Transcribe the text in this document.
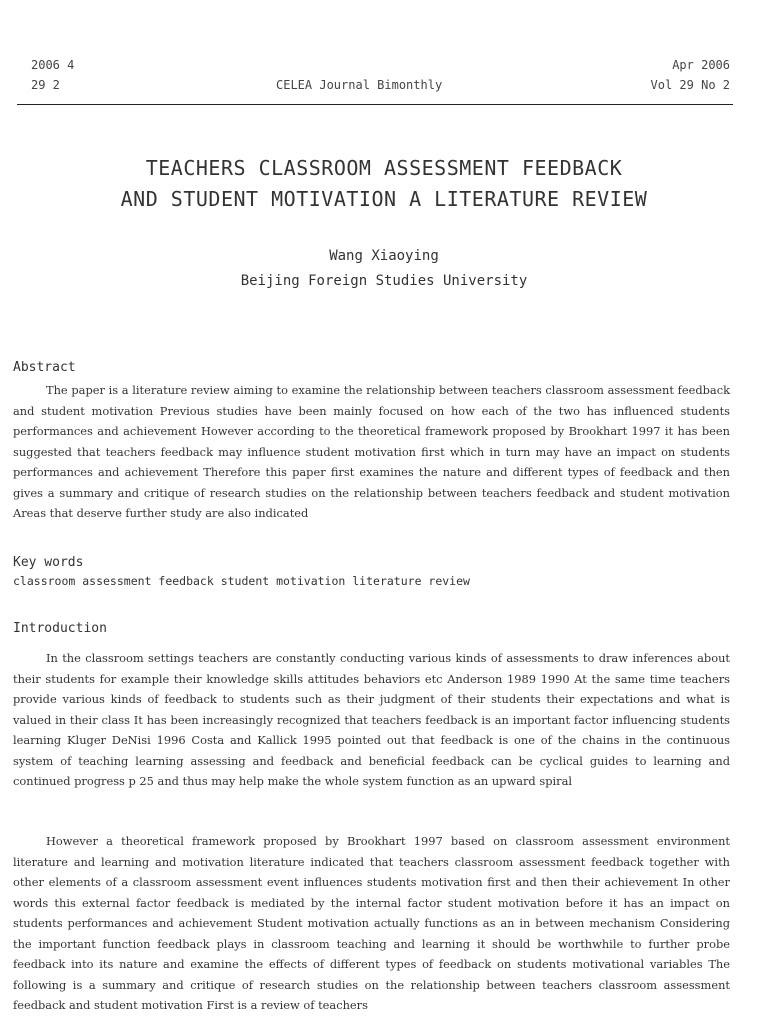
2006 4	Apr 2006
29 2	CELEA Journal Bimonthly	Vol 29 No 2
TEACHERS CLASSROOM ASSESSMENT FEEDBACK
AND STUDENT MOTIVATION A LITERATURE REVIEW
Wang Xiaoying
Beijing Foreign Studies University
Abstract

The paper is a literature review aiming to examine the relationship between teachers classroom assessment feedback and student motivation Previous studies have been mainly focused on how each of the two has influenced students performances and achievement However according to the theoretical framework proposed by Brookhart 1997 it has been suggested that teachers feedback may influence student motivation first which in turn may have an impact on students performances and achievement Therefore this paper first examines the nature and different types of feedback and then gives a summary and critique of research studies on the relationship between teachers feedback and student motivation Areas that deserve further study are also indicated

Key words
classroom assessment feedback student motivation literature review
Introduction

In the classroom settings teachers are constantly conducting various kinds of assessments to draw inferences about their students for example their knowledge skills attitudes behaviors etc Anderson 1989 1990 At the same time teachers provide various kinds of feedback to students such as their judgment of their students their expectations and what is valued in their class It has been increasingly recognized that teachers feedback is an important factor influencing students learning Kluger DeNisi 1996 Costa and Kallick 1995 pointed out that feedback is one of the chains in the continuous system of teaching learning assessing and feedback and beneficial feedback can be cyclical guides to learning and continued progress p 25 and thus may help make the whole system function as an upward spiral

However a theoretical framework proposed by Brookhart 1997 based on classroom assessment environment literature and learning and motivation literature indicated that teachers classroom assessment feedback together with other elements of a classroom assessment event influences students motivation first and then their achievement In other words this external factor feedback is mediated by the internal factor student motivation before it has an impact on students performances and achievement Student motivation actually functions as an in between mechanism Considering the important function feedback plays in classroom teaching and learning it should be worthwhile to further probe feedback into its nature and examine the effects of different types of feedback on students motivational variables The following is a summary and critique of research studies on the relationship between teachers classroom assessment feedback and student motivation First is a review of teachers
